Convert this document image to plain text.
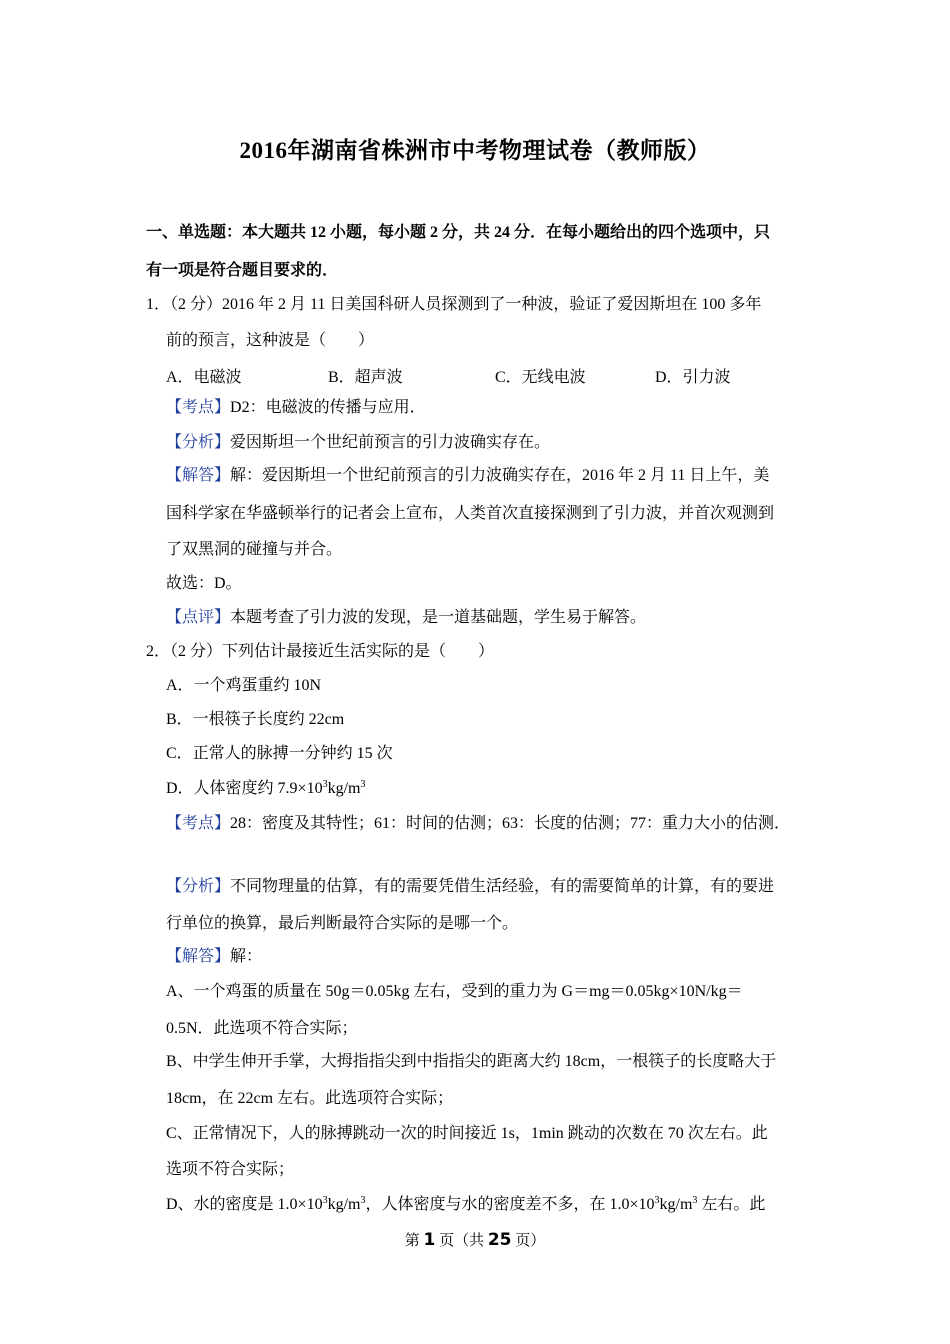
2016年湖南省株洲市中考物理试卷（教师版）
一、单选题：本大题共 12 小题，每小题 2 分，共 24 分．在每小题给出的四个选项中，只
有一项是符合题目要求的．
1．（2 分）2016 年 2 月 11 日美国科研人员探测到了一种波，验证了爱因斯坦在 100 多年
前的预言，这种波是（　　）
A．电磁波	B．超声波	C．无线电波	D．引力波
【考点】D2：电磁波的传播与应用．
【分析】爱因斯坦一个世纪前预言的引力波确实存在。
【解答】解：爱因斯坦一个世纪前预言的引力波确实存在，2016 年 2 月 11 日上午，美
国科学家在华盛顿举行的记者会上宣布，人类首次直接探测到了引力波，并首次观测到
了双黑洞的碰撞与并合。
故选：D。
【点评】本题考查了引力波的发现，是一道基础题，学生易于解答。
2．（2 分）下列估计最接近生活实际的是（　　）
A．一个鸡蛋重约 10N
B．一根筷子长度约 22cm
C．正常人的脉搏一分钟约 15 次
D．人体密度约 $7.9\times 10^3kg/m^3$
【考点】28：密度及其特性；61：时间的估测；63：长度的估测；77：重力大小的估测．
【分析】不同物理量的估算，有的需要凭借生活经验，有的需要简单的计算，有的要进
行单位的换算，最后判断最符合实际的是哪一个。
【解答】解：
A、一个鸡蛋的质量在 50g＝0.05kg 左右，受到的重力为 G＝mg＝0.05kg×10N/kg＝
0.5N．此选项不符合实际；
B、中学生伸开手掌，大拇指指尖到中指指尖的距离大约 18cm，一根筷子的长度略大于
18cm，在 22cm 左右。此选项符合实际；
C、正常情况下，人的脉搏跳动一次的时间接近 1s，1min 跳动的次数在 70 次左右。此
选项不符合实际；
D、水的密度是 $1.0\times 10^3kg/m^3$，人体密度与水的密度差不多，在 $1.0\times 10^3kg/m^3$ 左右。此
第 1 页（共 25 页）
